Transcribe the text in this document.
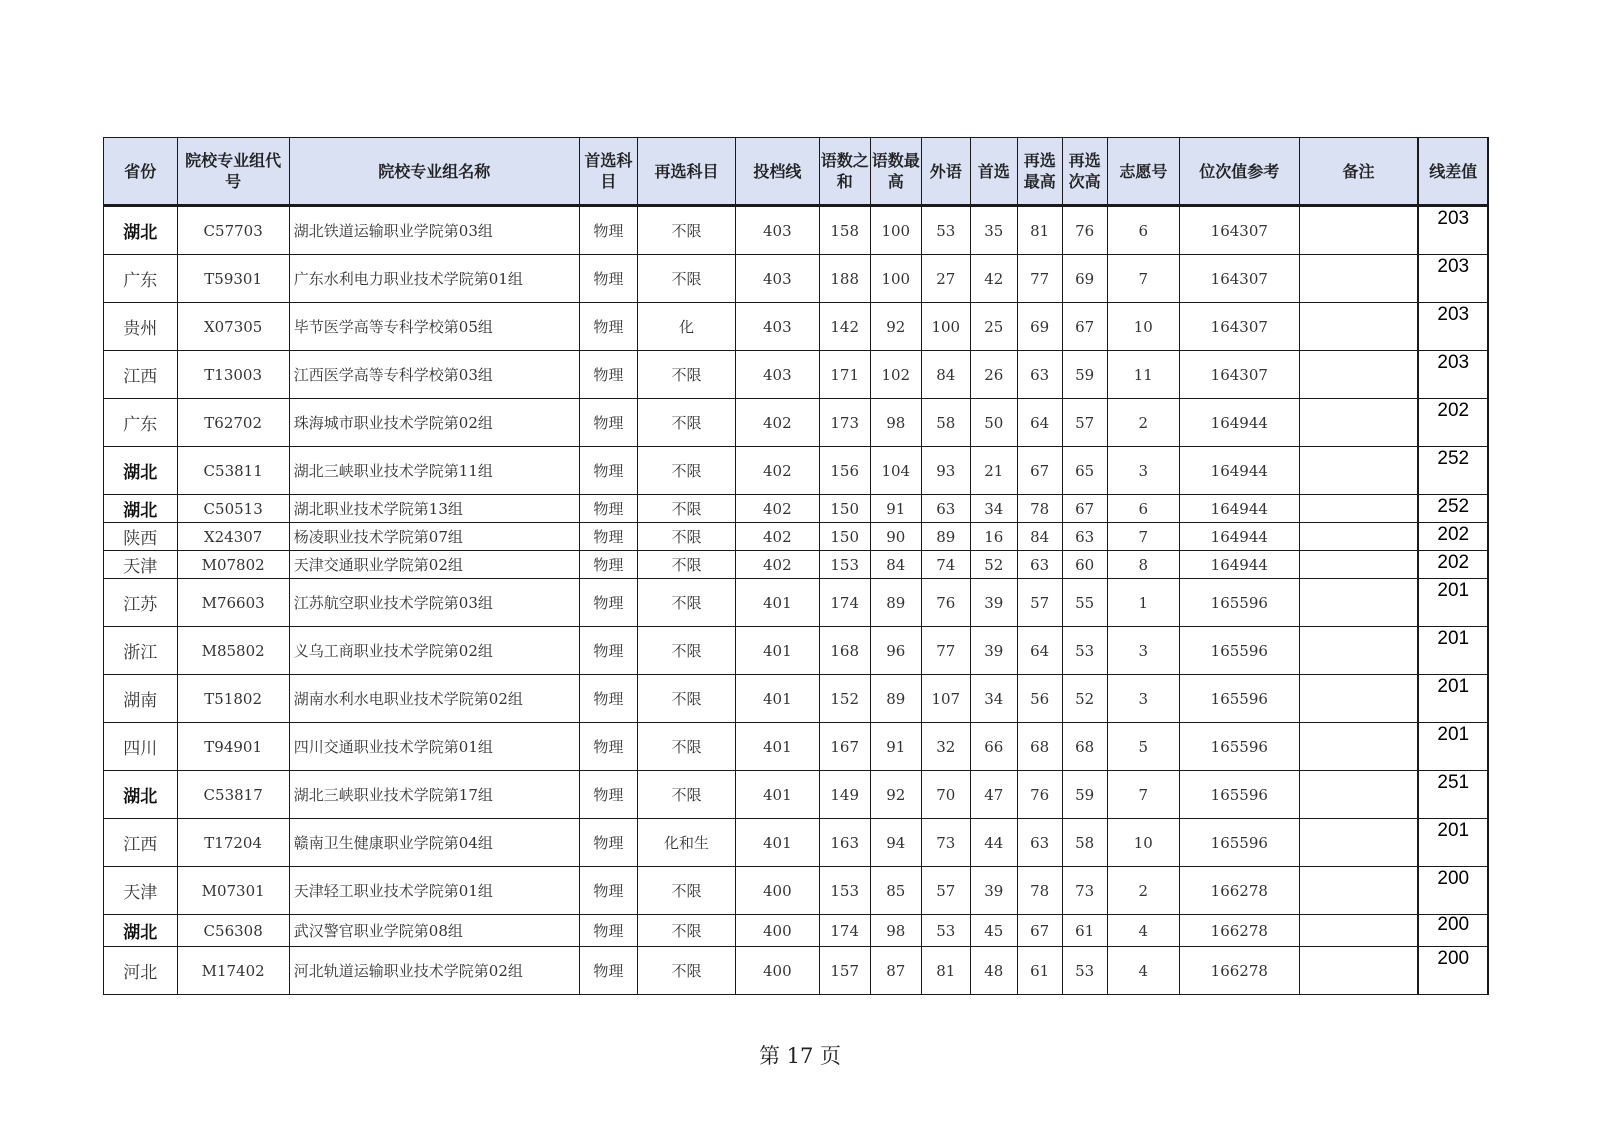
省份	院校专业组代号	院校专业组名称	首选科目	再选科目	投档线	语数之和	语数最高	外语	首选	再选最高	再选次高	志愿号	位次值参考	备注	线差值
湖北	C57703	湖北铁道运输职业学院第03组	物理	不限	403	158	100	53	35	81	76	6	164307		203
广东	T59301	广东水利电力职业技术学院第01组	物理	不限	403	188	100	27	42	77	69	7	164307		203
贵州	X07305	毕节医学高等专科学校第05组	物理	化	403	142	92	100	25	69	67	10	164307		203
江西	T13003	江西医学高等专科学校第03组	物理	不限	403	171	102	84	26	63	59	11	164307		203
广东	T62702	珠海城市职业技术学院第02组	物理	不限	402	173	98	58	50	64	57	2	164944		202
湖北	C53811	湖北三峡职业技术学院第11组	物理	不限	402	156	104	93	21	67	65	3	164944		252
湖北	C50513	湖北职业技术学院第13组	物理	不限	402	150	91	63	34	78	67	6	164944		252
陕西	X24307	杨凌职业技术学院第07组	物理	不限	402	150	90	89	16	84	63	7	164944		202
天津	M07802	天津交通职业学院第02组	物理	不限	402	153	84	74	52	63	60	8	164944		202
江苏	M76603	江苏航空职业技术学院第03组	物理	不限	401	174	89	76	39	57	55	1	165596		201
浙江	M85802	义乌工商职业技术学院第02组	物理	不限	401	168	96	77	39	64	53	3	165596		201
湖南	T51802	湖南水利水电职业技术学院第02组	物理	不限	401	152	89	107	34	56	52	3	165596		201
四川	T94901	四川交通职业技术学院第01组	物理	不限	401	167	91	32	66	68	68	5	165596		201
湖北	C53817	湖北三峡职业技术学院第17组	物理	不限	401	149	92	70	47	76	59	7	165596		251
江西	T17204	赣南卫生健康职业学院第04组	物理	化和生	401	163	94	73	44	63	58	10	165596		201
天津	M07301	天津轻工职业技术学院第01组	物理	不限	400	153	85	57	39	78	73	2	166278		200
湖北	C56308	武汉警官职业学院第08组	物理	不限	400	174	98	53	45	67	61	4	166278		200
河北	M17402	河北轨道运输职业技术学院第02组	物理	不限	400	157	87	81	48	61	53	4	166278		200
第 17 页
